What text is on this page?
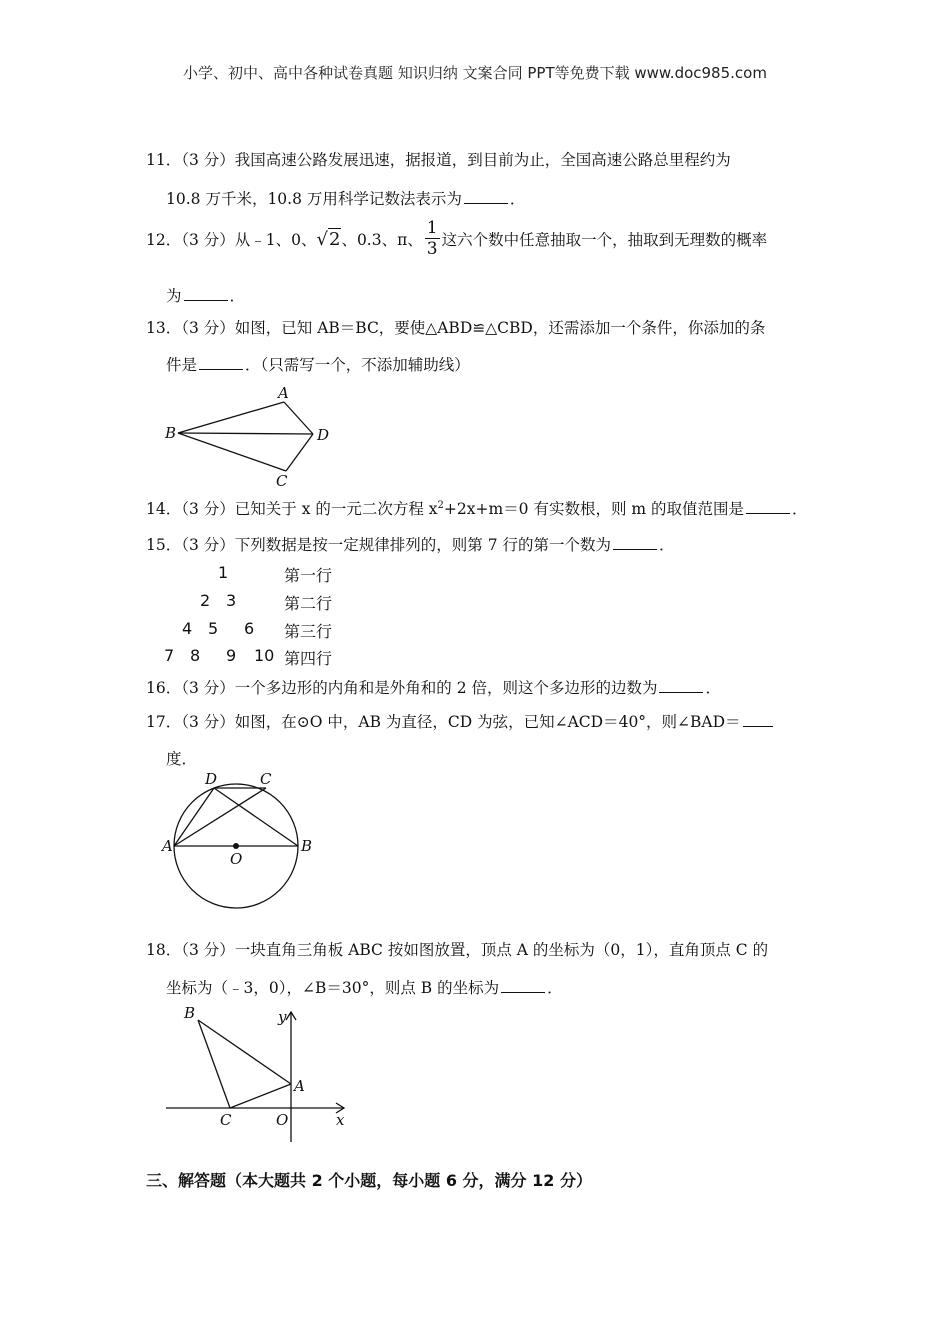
小学、初中、高中各种试卷真题 知识归纳 文案合同 PPT等免费下载 www.doc985.com
11．（3 分）我国高速公路发展迅速，据报道，到目前为止，全国高速公路总里程约为
10.8 万千米，10.8 万用科学记数法表示为	．
12．（3 分）从﹣1、0、√2、0.3、π、 $\frac{1}{3}$ 这六个数中任意抽取一个，抽取到无理数的概率
为	．
13．（3 分）如图，已知 AB＝BC，要使△ABD≌△CBD，还需添加一个条件，你添加的条
件是	．（只需写一个，不添加辅助线）
A
B	D
C
14．（3 分）已知关于 x 的一元二次方程 $x^2+2x+m=0$ 有实数根，则 m 的取值范围是	．
15．（3 分）下列数据是按一定规律排列的，则第 7 行的第一个数为	．
1	第一行
2 3	第二行
4 5 6 第三行
7 8 9 10 第四行
16．（3 分）一个多边形的内角和是外角和的 2 倍，则这个多边形的边数为	．
17．（3 分）如图，在⊙O 中，AB 为直径，CD 为弦，已知∠ACD＝40°，则∠BAD＝
度．
D	C
A	B
O
18．（3 分）一块直角三角板 ABC 按如图放置，顶点 A 的坐标为（0，1），直角顶点 C 的
坐标为（﹣3，0），∠B＝30°，则点 B 的坐标为	．
B
A
C	O	x
y
三、解答题（本大题共 2 个小题，每小题 6 分，满分 12 分）
